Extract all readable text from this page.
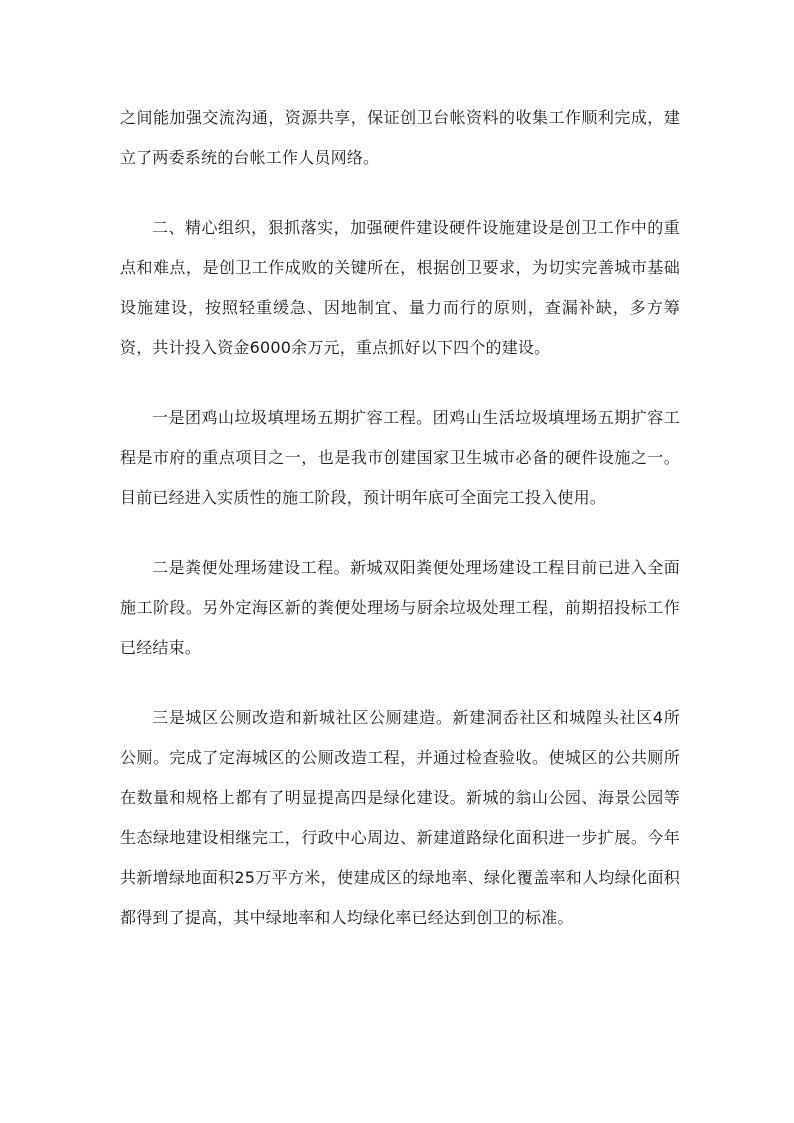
之间能加强交流沟通，资源共享，保证创卫台帐资料的收集工作顺利完成，建立了两委系统的台帐工作人员网络。

二、精心组织，狠抓落实，加强硬件建设硬件设施建设是创卫工作中的重点和难点，是创卫工作成败的关键所在，根据创卫要求，为切实完善城市基础设施建设，按照轻重缓急、因地制宜、量力而行的原则，查漏补缺，多方筹资，共计投入资金6000余万元，重点抓好以下四个的建设。

一是团鸡山垃圾填埋场五期扩容工程。团鸡山生活垃圾填埋场五期扩容工程是市府的重点项目之一，也是我市创建国家卫生城市必备的硬件设施之一。目前已经进入实质性的施工阶段，预计明年底可全面完工投入使用。

二是粪便处理场建设工程。新城双阳粪便处理场建设工程目前已进入全面施工阶段。另外定海区新的粪便处理场与厨余垃圾处理工程，前期招投标工作已经结束。

三是城区公厕改造和新城社区公厕建造。新建洞岙社区和城隍头社区4所公厕。完成了定海城区的公厕改造工程，并通过检查验收。使城区的公共厕所在数量和规格上都有了明显提高四是绿化建设。新城的翁山公园、海景公园等生态绿地建设相继完工，行政中心周边、新建道路绿化面积进一步扩展。今年共新增绿地面积25万平方米，使建成区的绿地率、绿化覆盖率和人均绿化面积都得到了提高，其中绿地率和人均绿化率已经达到创卫的标准。
